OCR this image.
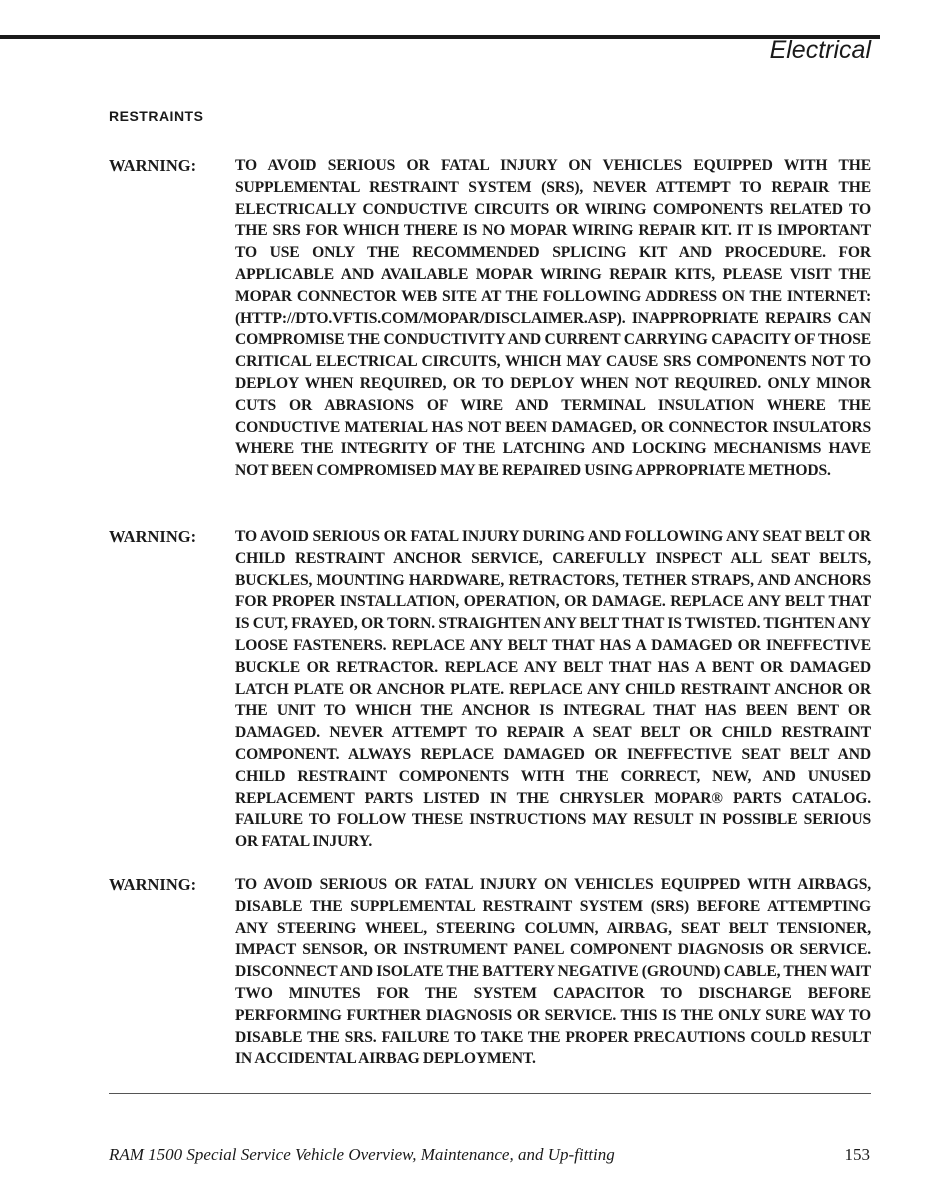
Electrical
RESTRAINTS
WARNING: TO AVOID SERIOUS OR FATAL INJURY ON VEHICLES EQUIPPED WITH THE SUPPLEMENTAL RESTRAINT SYSTEM (SRS), NEVER ATTEMPT TO REPAIR THE ELECTRICALLY CONDUCTIVE CIRCUITS OR WIRING COMPONENTS RELATED TO THE SRS FOR WHICH THERE IS NO MOPAR WIRING REPAIR KIT. IT IS IMPORTANT TO USE ONLY THE RECOMMENDED SPLICING KIT AND PROCEDURE. FOR APPLICABLE AND AVAILABLE MOPAR WIRING REPAIR KITS, PLEASE VISIT THE MOPAR CONNECTOR WEB SITE AT THE FOLLOWING ADDRESS ON THE INTERNET: (HTTP://DTO.VFTIS.COM/MOPAR/DISCLAIMER.ASP). INAPPROPRIATE REPAIRS CAN COMPROMISE THE CONDUCTIVITY AND CURRENT CARRYING CAPACITY OF THOSE CRITICAL ELECTRICAL CIRCUITS, WHICH MAY CAUSE SRS COMPONENTS NOT TO DEPLOY WHEN REQUIRED, OR TO DEPLOY WHEN NOT REQUIRED. ONLY MINOR CUTS OR ABRASIONS OF WIRE AND TERMINAL INSULATION WHERE THE CONDUCTIVE MATERIAL HAS NOT BEEN DAMAGED, OR CONNECTOR INSULATORS WHERE THE INTEGRITY OF THE LATCHING AND LOCKING MECHANISMS HAVE NOT BEEN COMPROMISED MAY BE REPAIRED USING APPROPRIATE METHODS.

WARNING: TO AVOID SERIOUS OR FATAL INJURY DURING AND FOLLOWING ANY SEAT BELT OR CHILD RESTRAINT ANCHOR SERVICE, CAREFULLY INSPECT ALL SEAT BELTS, BUCKLES, MOUNTING HARDWARE, RETRACTORS, TETHER STRAPS, AND ANCHORS FOR PROPER INSTALLATION, OPERATION, OR DAMAGE. REPLACE ANY BELT THAT IS CUT, FRAYED, OR TORN. STRAIGHTEN ANY BELT THAT IS TWISTED. TIGHTEN ANY LOOSE FASTENERS. REPLACE ANY BELT THAT HAS A DAMAGED OR INEFFECTIVE BUCKLE OR RETRACTOR. REPLACE ANY BELT THAT HAS A BENT OR DAMAGED LATCH PLATE OR ANCHOR PLATE. REPLACE ANY CHILD RESTRAINT ANCHOR OR THE UNIT TO WHICH THE ANCHOR IS INTEGRAL THAT HAS BEEN BENT OR DAMAGED. NEVER ATTEMPT TO REPAIR A SEAT BELT OR CHILD RESTRAINT COMPONENT. ALWAYS REPLACE DAMAGED OR INEFFECTIVE SEAT BELT AND CHILD RESTRAINT COMPONENTS WITH THE CORRECT, NEW, AND UNUSED REPLACEMENT PARTS LISTED IN THE CHRYSLER MOPAR® PARTS CATALOG. FAILURE TO FOLLOW THESE INSTRUCTIONS MAY RESULT IN POSSIBLE SERIOUS OR FATAL INJURY.

WARNING: TO AVOID SERIOUS OR FATAL INJURY ON VEHICLES EQUIPPED WITH AIRBAGS, DISABLE THE SUPPLEMENTAL RESTRAINT SYSTEM (SRS) BEFORE ATTEMPTING ANY STEERING WHEEL, STEERING COLUMN, AIRBAG, SEAT BELT TENSIONER, IMPACT SENSOR, OR INSTRUMENT PANEL COMPONENT DIAGNOSIS OR SERVICE. DISCONNECT AND ISOLATE THE BATTERY NEGATIVE (GROUND) CABLE, THEN WAIT TWO MINUTES FOR THE SYSTEM CAPACITOR TO DISCHARGE BEFORE PERFORMING FURTHER DIAGNOSIS OR SERVICE. THIS IS THE ONLY SURE WAY TO DISABLE THE SRS. FAILURE TO TAKE THE PROPER PRECAUTIONS COULD RESULT IN ACCIDENTAL AIRBAG DEPLOYMENT.

RAM 1500 Special Service Vehicle Overview, Maintenance, and Up-fitting	153
